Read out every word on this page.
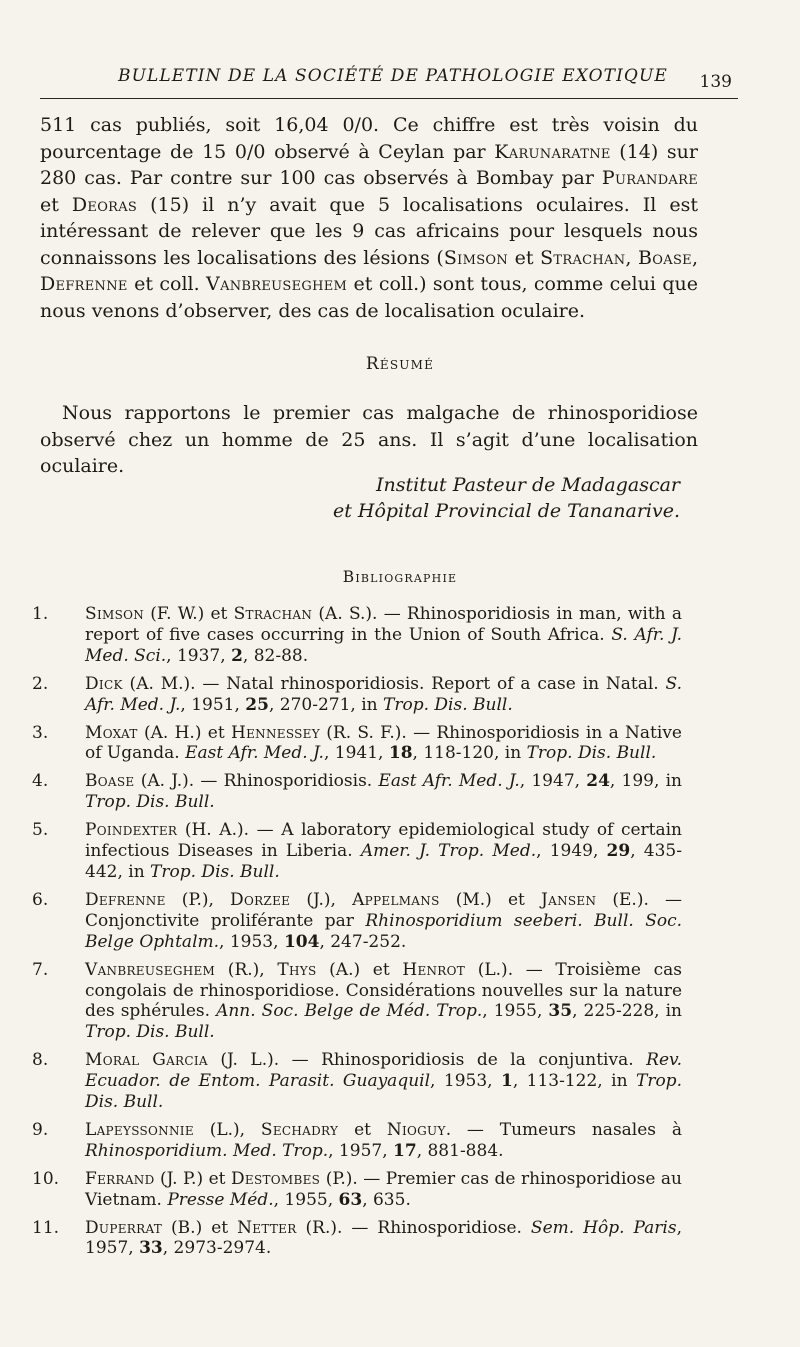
BULLETIN DE LA SOCIÉTÉ DE PATHOLOGIE EXOTIQUE 139

511 cas publiés, soit 16,04 0/0. Ce chiffre est très voisin du pourcentage de 15 0/0 observé à Ceylan par Karunaratne (14) sur 280 cas. Par contre sur 100 cas observés à Bombay par Purandare et Deoras (15) il n’y avait que 5 localisations oculaires. Il est intéressant de relever que les 9 cas africains pour lesquels nous connaissons les localisations des lésions (Simson et Strachan, Boase, Defrenne et coll. Vanbreuseghem et coll.) sont tous, comme celui que nous venons d’observer, des cas de localisation oculaire.

Résumé

Nous rapportons le premier cas malgache de rhinosporidiose observé chez un homme de 25 ans. Il s’agit d’une localisation oculaire.

Institut Pasteur de Madagascar

et Hôpital Provincial de Tananarive.

Bibliographie
1.	Simson (F. W.) et Strachan (A. S.). — Rhinosporidiosis in man, with a report of five cases occurring in the Union of South Africa. S. Afr. J. Med. Sci., 1937, 2, 82-88.
2.	Dick (A. M.). — Natal rhinosporidiosis. Report of a case in Natal. S. Afr. Med. J., 1951, 25, 270-271, in Trop. Dis. Bull.
3.	Moxat (A. H.) et Hennessey (R. S. F.). — Rhinosporidiosis in a Native of Uganda. East Afr. Med. J., 1941, 18, 118-120, in Trop. Dis. Bull.
4.	Boase (A. J.). — Rhinosporidiosis. East Afr. Med. J., 1947, 24, 199, in Trop. Dis. Bull.
5.	Poindexter (H. A.). — A laboratory epidemiological study of certain infectious Diseases in Liberia. Amer. J. Trop. Med., 1949, 29, 435-442, in Trop. Dis. Bull.
6.	Defrenne (P.), Dorzee (J.), Appelmans (M.) et Jansen (E.). — Conjonctivite proliférante par Rhinosporidium seeberi. Bull. Soc. Belge Ophtalm., 1953, 104, 247-252.
7.	Vanbreuseghem (R.), Thys (A.) et Henrot (L.). — Troisième cas congolais de rhinosporidiose. Considérations nouvelles sur la nature des sphérules. Ann. Soc. Belge de Méd. Trop., 1955, 35, 225-228, in Trop. Dis. Bull.
8.	Moral Garcia (J. L.). — Rhinosporidiosis de la conjuntiva. Rev. Ecuador. de Entom. Parasit. Guayaquil, 1953, 1, 113-122, in Trop. Dis. Bull.
9.	Lapeyssonnie (L.), Sechadry et Nioguy. — Tumeurs nasales à Rhinosporidium. Med. Trop., 1957, 17, 881-884.
10.	Ferrand (J. P.) et Destombes (P.). — Premier cas de rhinosporidiose au Vietnam. Presse Méd., 1955, 63, 635.
11.	Duperrat (B.) et Netter (R.). — Rhinosporidiose. Sem. Hôp. Paris, 1957, 33, 2973-2974.
